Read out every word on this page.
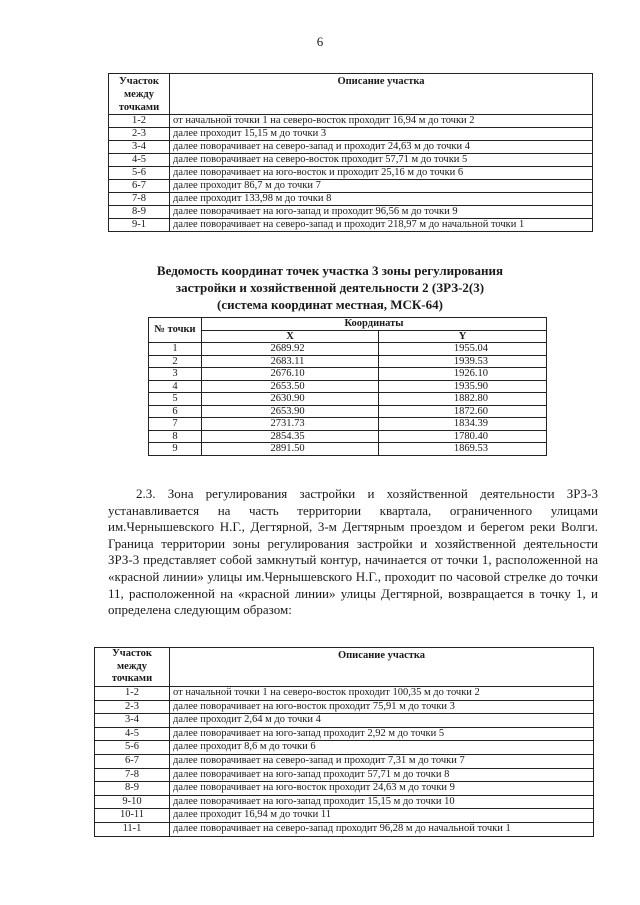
6
Участок между точками	Описание участка
1-2	от начальной точки 1 на северо-восток проходит 16,94 м до точки 2
2-3	далее проходит 15,15 м до точки 3
3-4	далее поворачивает на северо-запад и проходит 24,63 м до точки 4
4-5	далее поворачивает на северо-восток проходит 57,71 м до точки 5
5-6	далее поворачивает на юго-восток и проходит 25,16 м до точки 6
6-7	далее проходит 86,7 м до точки 7
7-8	далее проходит 133,98 м до точки 8
8-9	далее поворачивает на юго-запад и проходит 96,56 м до точки 9
9-1	далее поворачивает на северо-запад и проходит 218,97 м до начальной точки 1
Ведомость координат точек участка 3 зоны регулирования
застройки и хозяйственной деятельности 2 (ЗРЗ-2(3)
(система координат местная, МСК-64)
№ точки	Координаты	
	X	Y
1	2689.92	1955.04
2	2683.11	1939.53
3	2676.10	1926.10
4	2653.50	1935.90
5	2630.90	1882.80
6	2653.90	1872.60
7	2731.73	1834.39
8	2854.35	1780.40
9	2891.50	1869.53
2.3. Зона регулирования застройки и хозяйственной деятельности ЗРЗ-3 устанавливается на часть территории квартала, ограниченного улицами им.Чернышевского Н.Г., Дегтярной, 3-м Дегтярным проездом и берегом реки Волги. Граница территории зоны регулирования застройки и хозяйственной деятельности ЗРЗ-3 представляет собой замкнутый контур, начинается от точки 1, расположенной на «красной линии» улицы им.Чернышевского Н.Г., проходит по часовой стрелке до точки 11, расположенной на «красной линии» улицы Дегтярной, возвращается в точку 1, и определена следующим образом:
Участок между точками	Описание участка
1-2	от начальной точки 1 на северо-восток проходит 100,35 м до точки 2
2-3	далее поворачивает на юго-восток проходит 75,91 м до точки 3
3-4	далее проходит 2,64 м до точки 4
4-5	далее поворачивает на юго-запад проходит 2,92 м до точки 5
5-6	далее проходит 8,6 м до точки 6
6-7	далее поворачивает на северо-запад и проходит 7,31 м до точки 7
7-8	далее поворачивает на юго-запад проходит 57,71 м до точки 8
8-9	далее поворачивает на юго-восток проходит 24,63 м до точки 9
9-10	далее поворачивает на юго-запад проходит 15,15 м до точки 10
10-11	далее проходит 16,94 м до точки 11
11-1	далее поворачивает на северо-запад проходит 96,28 м до начальной точки 1
